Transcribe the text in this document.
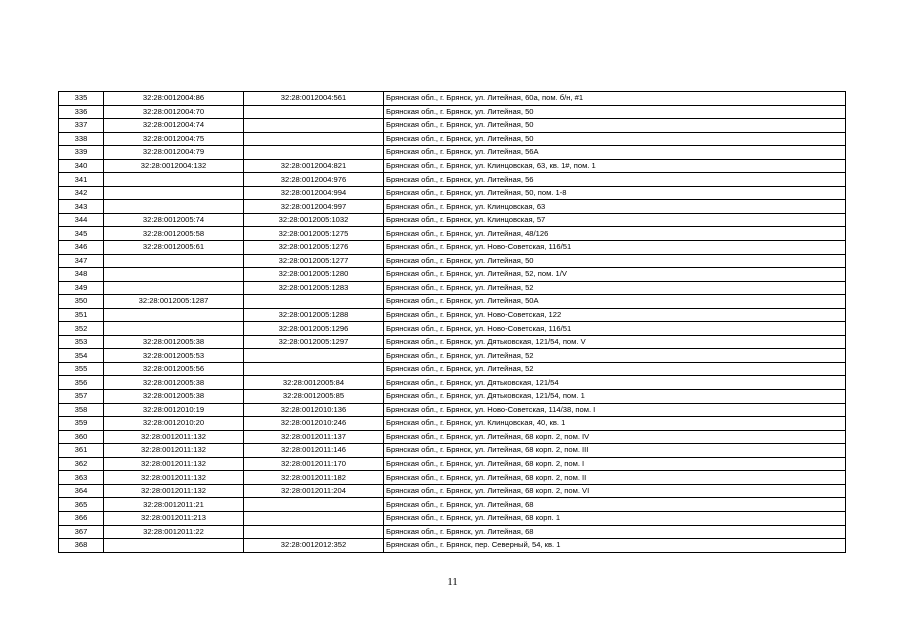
335	32:28:0012004:86	32:28:0012004:561	Брянская обл., г. Брянск, ул. Литейная, 60а, пом. б/н, #1
336	32:28:0012004:70		Брянская обл., г. Брянск, ул. Литейная, 50
337	32:28:0012004:74		Брянская обл., г. Брянск, ул. Литейная, 50
338	32:28:0012004:75		Брянская обл., г. Брянск, ул. Литейная, 50
339	32:28:0012004:79		Брянская обл., г. Брянск, ул. Литейная, 56А
340	32:28:0012004:132	32:28:0012004:821	Брянская обл., г. Брянск, ул. Клинцовская, 63, кв. 1#, пом. 1
341		32:28:0012004:976	Брянская обл., г. Брянск, ул. Литейная, 56
342		32:28:0012004:994	Брянская обл., г. Брянск, ул. Литейная, 50, пом. 1-8
343		32:28:0012004:997	Брянская обл., г. Брянск, ул. Клинцовская, 63
344	32:28:0012005:74	32:28:0012005:1032	Брянская обл., г. Брянск, ул. Клинцовская, 57
345	32:28:0012005:58	32:28:0012005:1275	Брянская обл., г. Брянск, ул. Литейная, 48/126
346	32:28:0012005:61	32:28:0012005:1276	Брянская обл., г. Брянск, ул. Ново-Советская, 116/51
347		32:28:0012005:1277	Брянская обл., г. Брянск, ул. Литейная, 50
348		32:28:0012005:1280	Брянская обл., г. Брянск, ул. Литейная, 52, пом. 1/V
349		32:28:0012005:1283	Брянская обл., г. Брянск, ул. Литейная, 52
350	32:28:0012005:1287		Брянская обл., г. Брянск, ул. Литейная, 50А
351		32:28:0012005:1288	Брянская обл., г. Брянск, ул. Ново-Советская, 122
352		32:28:0012005:1296	Брянская обл., г. Брянск, ул. Ново-Советская, 116/51
353	32:28:0012005:38	32:28:0012005:1297	Брянская обл., г. Брянск, ул. Дятьковская, 121/54, пом. V
354	32:28:0012005:53		Брянская обл., г. Брянск, ул. Литейная, 52
355	32:28:0012005:56		Брянская обл., г. Брянск, ул. Литейная, 52
356	32:28:0012005:38	32:28:0012005:84	Брянская обл., г. Брянск, ул. Дятьковская, 121/54
357	32:28:0012005:38	32:28:0012005:85	Брянская обл., г. Брянск, ул. Дятьковская, 121/54, пом. 1
358	32:28:0012010:19	32:28:0012010:136	Брянская обл., г. Брянск, ул. Ново-Советская, 114/38, пом. I
359	32:28:0012010:20	32:28:0012010:246	Брянская обл., г. Брянск, ул. Клинцовская, 40, кв. 1
360	32:28:0012011:132	32:28:0012011:137	Брянская обл., г. Брянск, ул. Литейная, 68 корп. 2, пом. IV
361	32:28:0012011:132	32:28:0012011:146	Брянская обл., г. Брянск, ул. Литейная, 68 корп. 2, пом. III
362	32:28:0012011:132	32:28:0012011:170	Брянская обл., г. Брянск, ул. Литейная, 68 корп. 2, пом. I
363	32:28:0012011:132	32:28:0012011:182	Брянская обл., г. Брянск, ул. Литейная, 68 корп. 2, пом. II
364	32:28:0012011:132	32:28:0012011:204	Брянская обл., г. Брянск, ул. Литейная, 68 корп. 2, пом. VI
365	32:28:0012011:21		Брянская обл., г. Брянск, ул. Литейная, 68
366	32:28:0012011:213		Брянская обл., г. Брянск, ул. Литейная, 68 корп. 1
367	32:28:0012011:22		Брянская обл., г. Брянск, ул. Литейная, 68
368		32:28:0012012:352	Брянская обл., г. Брянск, пер. Северный, 54, кв. 1
11
